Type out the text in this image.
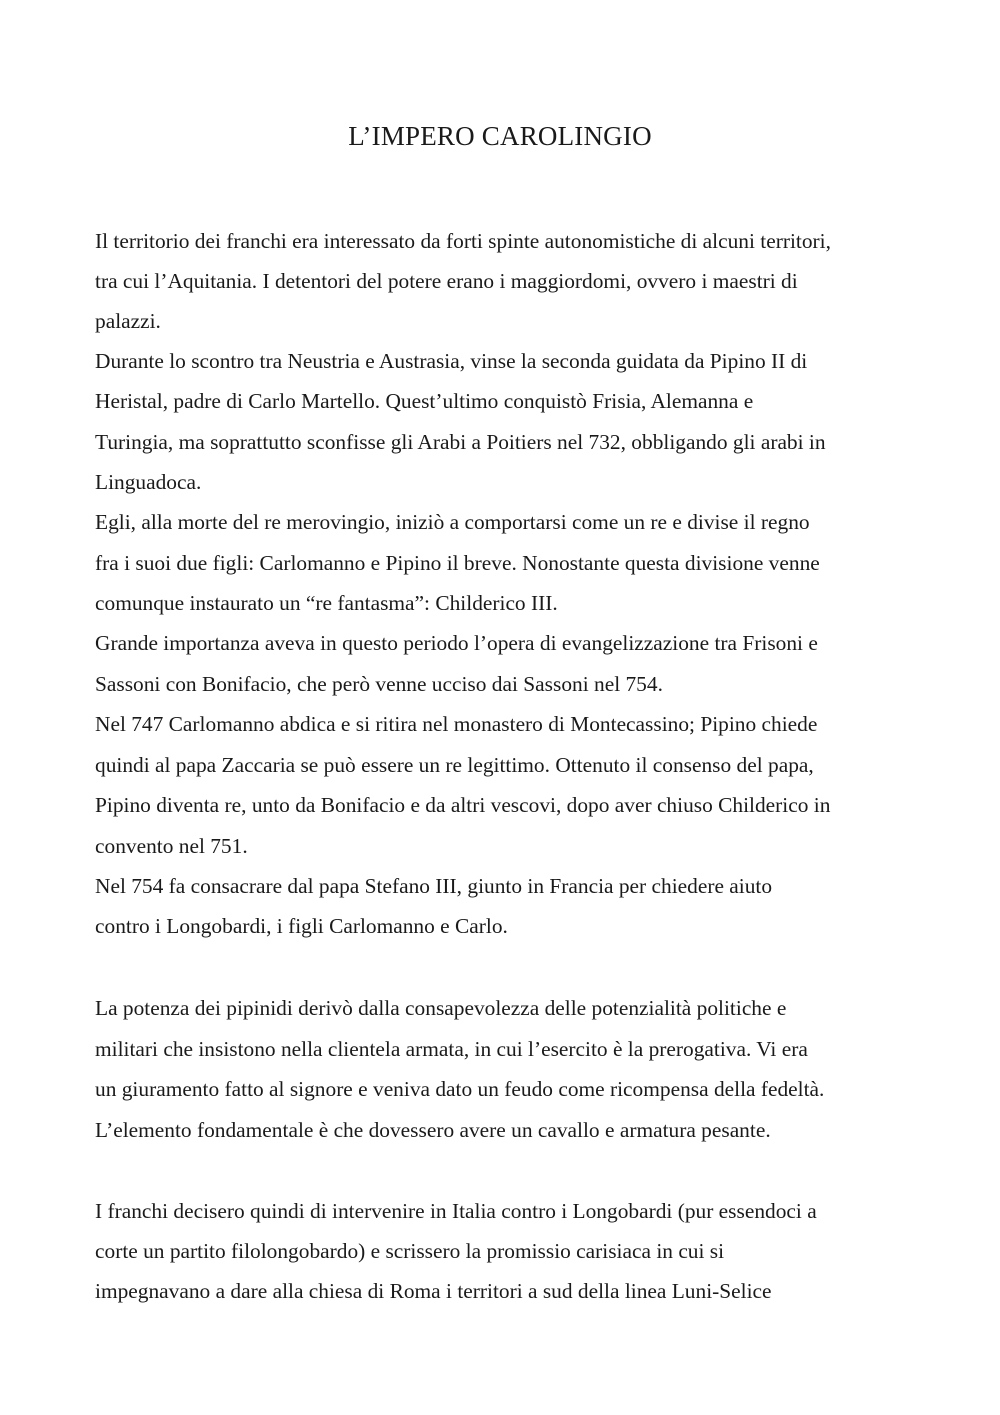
L’IMPERO CAROLINGIO

Il territorio dei franchi era interessato da forti spinte autonomistiche di alcuni territori,

tra cui l’Aquitania. I detentori del potere erano i maggiordomi, ovvero i maestri di

palazzi.

Durante lo scontro tra Neustria e Austrasia, vinse la seconda guidata da Pipino II di

Heristal, padre di Carlo Martello. Quest’ultimo conquistò Frisia, Alemanna e

Turingia, ma soprattutto sconfisse gli Arabi a Poitiers nel 732, obbligando gli arabi in

Linguadoca.

Egli, alla morte del re merovingio, iniziò a comportarsi come un re e divise il regno

fra i suoi due figli: Carlomanno e Pipino il breve. Nonostante questa divisione venne

comunque instaurato un “re fantasma”: Childerico III.

Grande importanza aveva in questo periodo l’opera di evangelizzazione tra Frisoni e

Sassoni con Bonifacio, che però venne ucciso dai Sassoni nel 754.

Nel 747 Carlomanno abdica e si ritira nel monastero di Montecassino; Pipino chiede

quindi al papa Zaccaria se può essere un re legittimo. Ottenuto il consenso del papa,

Pipino diventa re, unto da Bonifacio e da altri vescovi, dopo aver chiuso Childerico in

convento nel 751.

Nel 754 fa consacrare dal papa Stefano III, giunto in Francia per chiedere aiuto

contro i Longobardi, i figli Carlomanno e Carlo.

La potenza dei pipinidi derivò dalla consapevolezza delle potenzialità politiche e

militari che insistono nella clientela armata, in cui l’esercito è la prerogativa. Vi era

un giuramento fatto al signore e veniva dato un feudo come ricompensa della fedeltà.

L’elemento fondamentale è che dovessero avere un cavallo e armatura pesante.

I franchi decisero quindi di intervenire in Italia contro i Longobardi (pur essendoci a

corte un partito filolongobardo) e scrissero la promissio carisiaca in cui si

impegnavano a dare alla chiesa di Roma i territori a sud della linea Luni-Selice
